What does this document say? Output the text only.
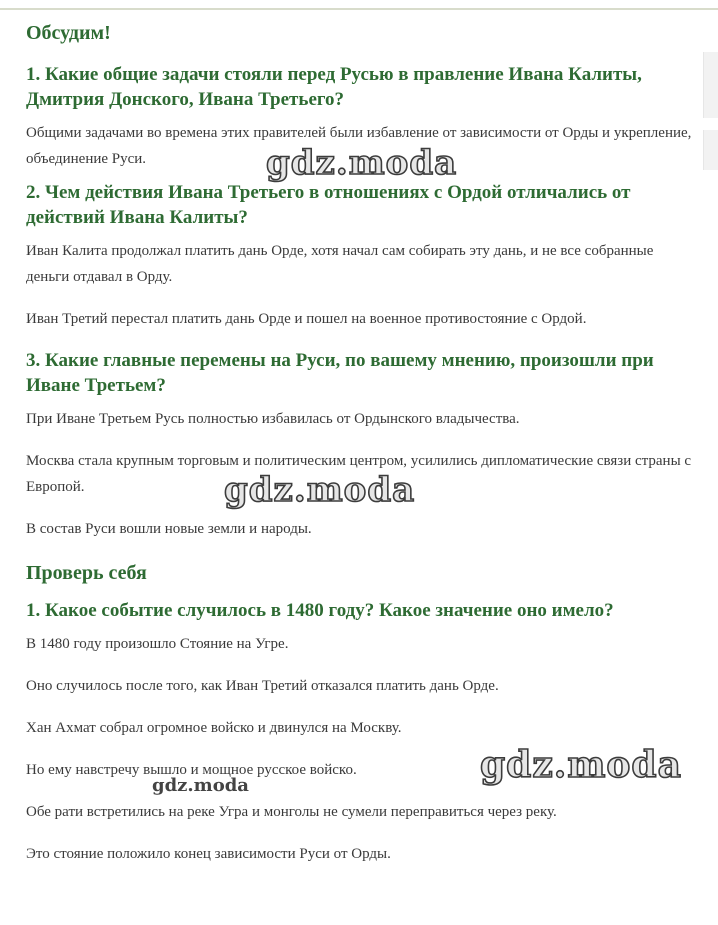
Обсудим!
1. Какие общие задачи стояли перед Русью в правление Ивана Калиты, Дмитрия Донского, Ивана Третьего?

Общими задачами во времена этих правителей были избавление от зависимости от Орды и укрепление, объединение Руси.

2. Чем действия Ивана Третьего в отношениях с Ордой отличались от действий Ивана Калиты?

Иван Калита продолжал платить дань Орде, хотя начал сам собирать эту дань, и не все собранные деньги отдавал в Орду.

Иван Третий перестал платить дань Орде и пошел на военное противостояние с Ордой.

3. Какие главные перемены на Руси, по вашему мнению, произошли при Иване Третьем?

При Иване Третьем Русь полностью избавилась от Ордынского владычества.

Москва стала крупным торговым и политическим центром, усилились дипломатические связи страны с Европой.

В состав Руси вошли новые земли и народы.

Проверь себя
1. Какое событие случилось в 1480 году? Какое значение оно имело?

В 1480 году произошло Стояние на Угре.

Оно случилось после того, как Иван Третий отказался платить дань Орде.

Хан Ахмат собрал огромное войско и двинулся на Москву.

Но ему навстречу вышло и мощное русское войско.

Обе рати встретились на реке Угра и монголы не сумели переправиться через реку.

Это стояние положило конец зависимости Руси от Орды.

gdz.moda
gdz.moda
gdz.moda
gdz.moda
